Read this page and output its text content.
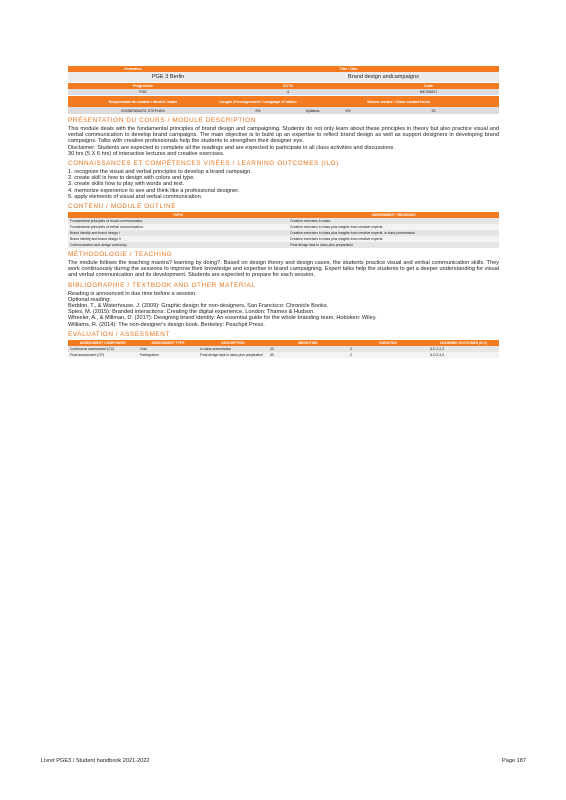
Formation	Title / Title
PGE 3 Berlin	Brand design andcampaigns
Programme	ECTS	Code
PGE	4	MKT06817
Responsable du module / Module leader	Langue d'enseignement / Language of tuition	Volume horaire / Class contact hours
IDINNENBURG STEPHAN	EN	Syllabus:	EN	30
PRÉSENTATION DU COURS / MODULE DESCRIPTION
This module deals with the fundamental principles of brand design and campaigning. Students do not only learn about these principles in theory but also practice visual and verbal communication to develop brand campaigns. The main objective is to build up an expertise to reflect brand design as well as support designers in developing brand campaigns. Talks with creative professionals help the students to strengthen their designer eye.
Disclaimer: Students are expected to complete all the readings and are expected to participate in all class activities and discussions.
30 hrs (5 X 6 hrs) of interactive lectures and creative exercises.
CONNAISSANCES ET COMPÉTENCES VISÉES / LEARNING OUTCOMES (ILO)
1. recognize the visual and verbal principles to develop a brand campaign.
2. create skill is how to design with colors and type.
3. create skills how to play with words and text.
4. memorize experience to see and think like a professional designer.
5. apply elements of visual and verbal communication.
CONTENU / MODULE OUTLINE
TOPIC	ASSESSMENT / READINGS
Fundamental principles of visual communication.	Creative exercises in class.
Fundamental principles of verbal communication.	Creative exercises in class plus insights from creative experts.
Brand identity and brand design I	Creative exercises in class plus insights from creative experts, in class presentation
Brand identity and brand design II	Creative exercises in class plus insights from creative experts.
Communication and design workshop.	Final design task in class plus preparation
MÉTHODOLOGIE / TEACHING
The module follows the teaching mantra? learning by doing?. Based on design theory and design cases, the students practice visual and verbal communication skills. They work continuously during the sessions to improve their knowledge and expertise in brand campaigning. Expert talks help the students to get a deeper understanding for visual and verbal communication and its development. Students are expected to prepare for each session.
BIBLIOGRAPHIE / TEXTBOOK AND OTHER MATERIAL
Reading is announced in due time before a session.
Optional reading:
Beddon, T., & Waterhouse, J. (2009): Graphic design for non-designers, San Francisco: Chronicle Books.
Spies, M. (2015): Branded interactions: Creating the digital experience, London: Thames & Hudson.
Wheeler, A., & Millman, D. (2017): Designing brand identity: An essential guide for the whole branding team. Hoboken: Wiley.
Williams, R. (2014): The non-designer's design book. Berkeley: Peachpit Press.
EVALUATION / ASSESSMENT
ASSESSMENT COMPONENT	ASSESSMENT TYPE	DESCRIPTION	WEIGHTING	DURATION	LEARNING OUTCOMES (ILO)
Continuous assessment (CC)	Oral	In-class presentation	40	0	ILO 1,2,3
Final assessment (CF)	Participation	Final design task in class plus preparation	60	2	ILO 3,4,5
Livret PGE3 / Student handbook 2021-2022	Page 187
